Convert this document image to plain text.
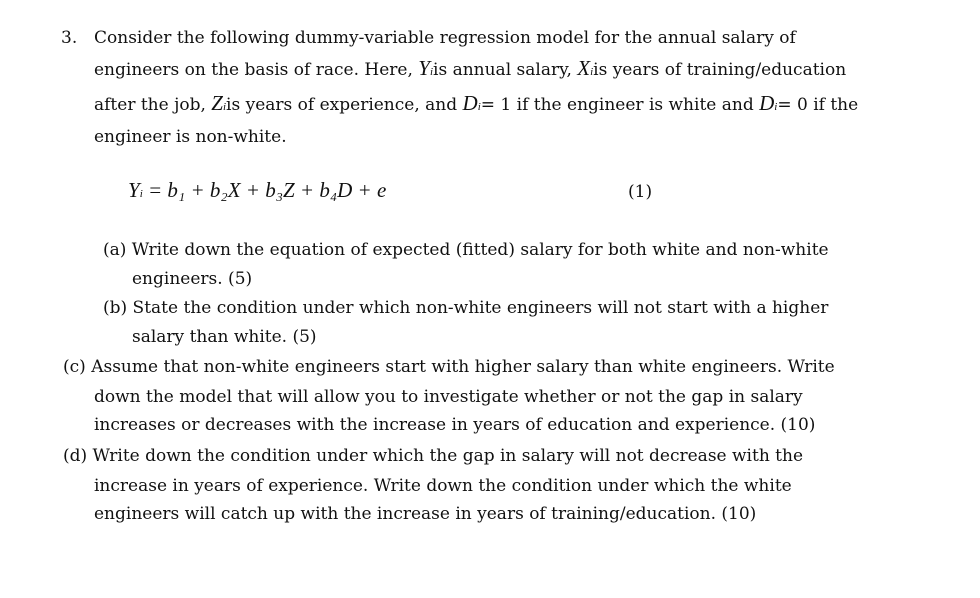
3. Consider the following dummy-variable regression model for the annual salary of
engineers on the basis of race. Here, Yiis annual salary, Xiis years of training/education
after the job, Ziis years of experience, and Di= 1 if the engineer is white and Di= 0 if the
engineer is non-white.
Yi = b₁ + b₂X + b₃Z + b₄D + e	(1)
(a) Write down the equation of expected (fitted) salary for both white and non-white
engineers. (5)
(b) State the condition under which non-white engineers will not start with a higher
salary than white. (5)
(c) Assume that non-white engineers start with higher salary than white engineers. Write
down the model that will allow you to investigate whether or not the gap in salary
increases or decreases with the increase in years of education and experience. (10)
(d) Write down the condition under which the gap in salary will not decrease with the
increase in years of experience. Write down the condition under which the white
engineers will catch up with the increase in years of training/education. (10)
